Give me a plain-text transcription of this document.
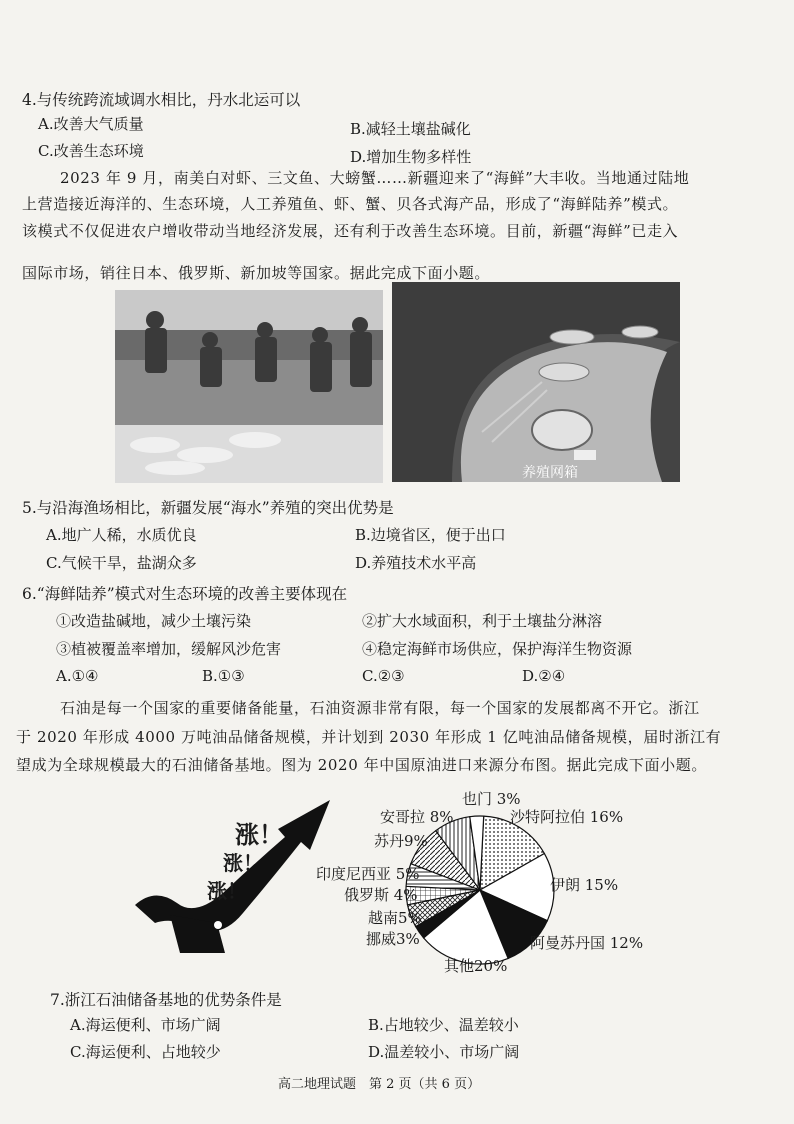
4.与传统跨流域调水相比，丹水北运可以
A.改善大气质量	B.减轻土壤盐碱化
C.改善生态环境	D.增加生物多样性
2023 年 9 月，南美白对虾、三文鱼、大螃蟹……新疆迎来了“海鲜”大丰收。当地通过陆地
上营造接近海洋的、生态环境，人工养殖鱼、虾、蟹、贝各式海产品，形成了“海鲜陆养”模式。
该模式不仅促进农户增收带动当地经济发展，还有利于改善生态环境。目前，新疆“海鲜”已走入
国际市场，销往日本、俄罗斯、新加坡等国家。据此完成下面小题。
养殖网箱
5.与沿海渔场相比，新疆发展“海水”养殖的突出优势是
A.地广人稀，水质优良	B.边境省区，便于出口
C.气候干旱，盐湖众多	D.养殖技术水平高
6.“海鲜陆养”模式对生态环境的改善主要体现在
①改造盐碱地，减少土壤污染	②扩大水域面积，利于土壤盐分淋溶
③植被覆盖率增加，缓解风沙危害	④稳定海鲜市场供应，保护海洋生物资源
A.①④	B.①③	C.②③	D.②④
石油是每一个国家的重要储备能量，石油资源非常有限，每一个国家的发展都离不开它。浙江
于 2020 年形成 4000 万吨油品储备规模，并计划到 2030 年形成 1 亿吨油品储备规模，届时浙江有
望成为全球规模最大的石油储备基地。图为 2020 年中国原油进口来源分布图。据此完成下面小题。
涨！
涨！
涨！
沙特阿拉伯 16%
伊朗 15%
阿曼苏丹国 12%
其他20%
挪威3%
越南5%
俄罗斯 4%
印度尼西亚 5%
苏丹9%
安哥拉 8%
也门 3%
7.浙江石油储备基地的优势条件是
A.海运便利、市场广阔	B.占地较少、温差较小
C.海运便利、占地较少	D.温差较小、市场广阔
高二地理试题　第 2 页（共 6 页）
